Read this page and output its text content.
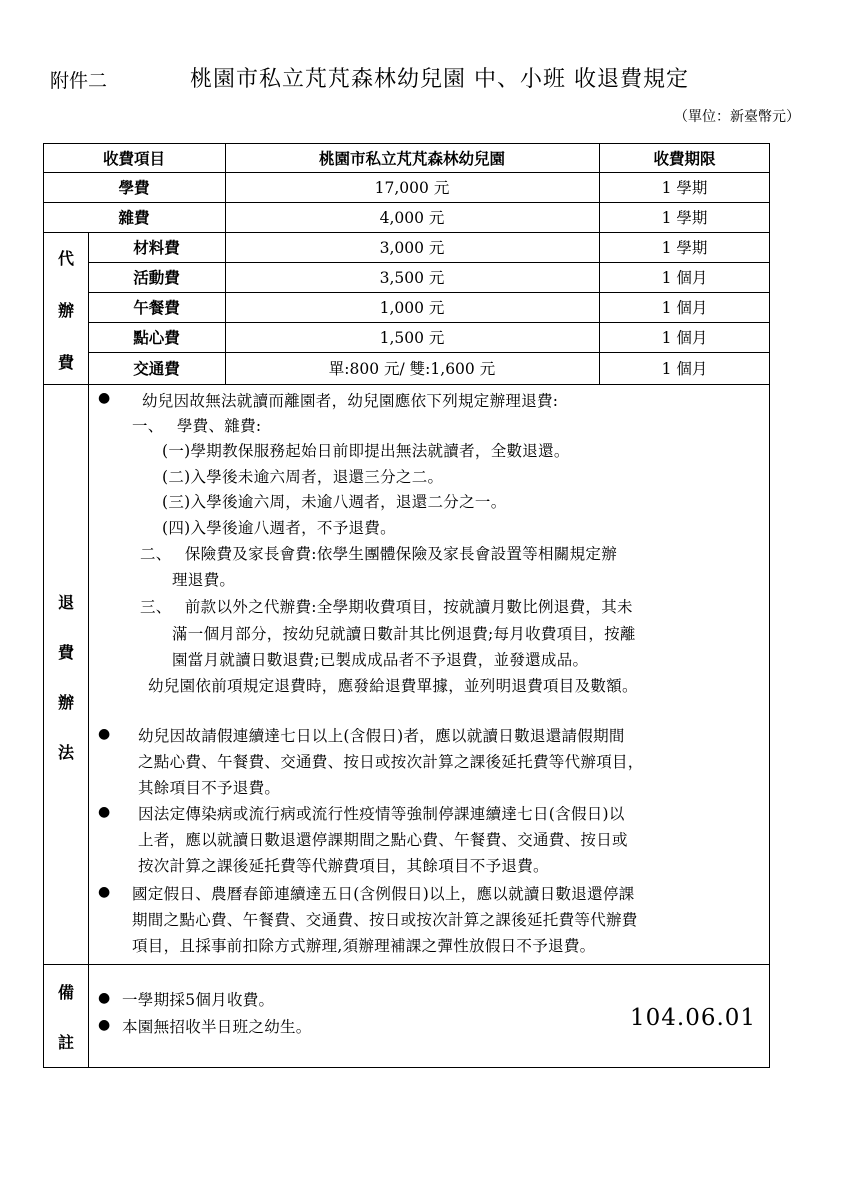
附件二	桃園市私立芃芃森林幼兒園 中、小班 收退費規定
（單位：新臺幣元）
收費項目	桃園市私立芃芃森林幼兒園	收費期限
學費	17,000 元	1 學期
雜費	4,000 元	1 學期
代
辦
費
材料費	3,000 元	1 學期
活動費	3,500 元	1 個月
午餐費	1,000 元	1 個月
點心費	1,500 元	1 個月
交通費	單:800 元/ 雙:1,600 元	1 個月
退
費
辦
法
●
●
●
●
幼兒因故無法就讀而離園者，幼兒園應依下列規定辦理退費:
一、　 學費、雜費:
(一)學期教保服務起始日前即提出無法就讀者，全數退還。
(二)入學後未逾六周者，退還三分之二。
(三)入學後逾六周，未逾八週者，退還二分之一。
(四)入學後逾八週者，不予退費。
二、　 保險費及家長會費:依學生團體保險及家長會設置等相關規定辦
理退費。
三、　 前款以外之代辦費:全學期收費項目，按就讀月數比例退費，其未
滿一個月部分，按幼兒就讀日數計其比例退費;每月收費項目，按離
園當月就讀日數退費;已製成成品者不予退費，並發還成品。
幼兒園依前項規定退費時，應發給退費單據，並列明退費項目及數額。
幼兒因故請假連續達七日以上(含假日)者，應以就讀日數退還請假期間
之點心費、午餐費、交通費、按日或按次計算之課後延托費等代辦項目，
其餘項目不予退費。
因法定傳染病或流行病或流行性疫情等強制停課連續達七日(含假日)以
上者，應以就讀日數退還停課期間之點心費、午餐費、交通費、按日或
按次計算之課後延托費等代辦費項目，其餘項目不予退費。
國定假日、農曆春節連續達五日(含例假日)以上，應以就讀日數退還停課
期間之點心費、午餐費、交通費、按日或按次計算之課後延托費等代辦費
項目，且採事前扣除方式辦理,須辦理補課之彈性放假日不予退費。
備
註
● 一學期採5個月收費。
● 本園無招收半日班之幼生。	104.06.01
